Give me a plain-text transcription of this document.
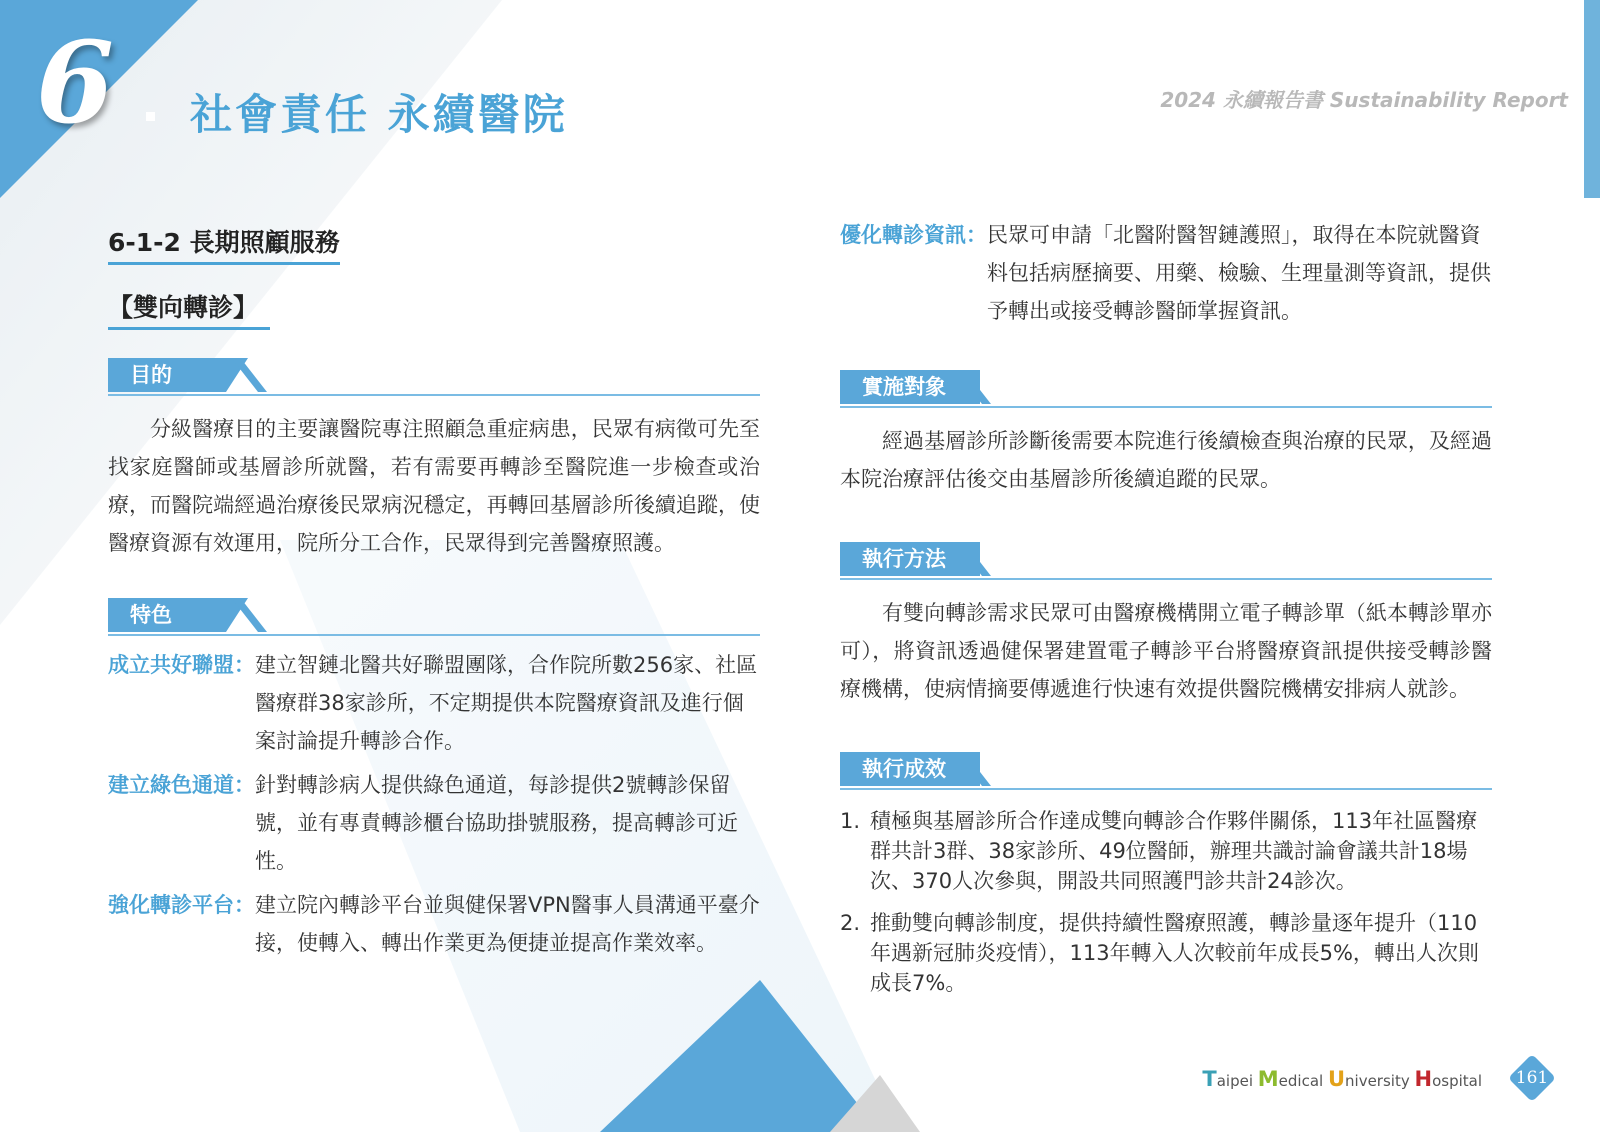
6 社會責任 永續醫院	2024 永續報告書 Sustainability Report
6-1-2 長期照顧服務
【雙向轉診】
目的

分級醫療目的主要讓醫院專注照顧急重症病患，民眾有病徵可先至找家庭醫師或基層診所就醫，若有需要再轉診至醫院進一步檢查或治療，而醫院端經過治療後民眾病況穩定，再轉回基層診所後續追蹤，使醫療資源有效運用，院所分工合作，民眾得到完善醫療照護。

特色
成立共好聯盟： 建立智鏈北醫共好聯盟團隊，合作院所數256家、社區醫療群38家診所，不定期提供本院醫療資訊及進行個案討論提升轉診合作。
建立綠色通道： 針對轉診病人提供綠色通道，每診提供2號轉診保留號，並有專責轉診櫃台協助掛號服務，提高轉診可近性。
強化轉診平台： 建立院內轉診平台並與健保署VPN醫事人員溝通平臺介接，使轉入、轉出作業更為便捷並提高作業效率。
優化轉診資訊： 民眾可申請「北醫附醫智鏈護照」，取得在本院就醫資料包括病歷摘要、用藥、檢驗、生理量測等資訊，提供予轉出或接受轉診醫師掌握資訊。
實施對象

經過基層診所診斷後需要本院進行後續檢查與治療的民眾，及經過本院治療評估後交由基層診所後續追蹤的民眾。

執行方法

有雙向轉診需求民眾可由醫療機構開立電子轉診單（紙本轉診單亦可），將資訊透過健保署建置電子轉診平台將醫療資訊提供接受轉診醫療機構，使病情摘要傳遞進行快速有效提供醫院機構安排病人就診。

執行成效
1. 積極與基層診所合作達成雙向轉診合作夥伴關係，113年社區醫療群共計3群、38家診所、49位醫師，辦理共識討論會議共計18場次、370人次參與，開設共同照護門診共計24診次。
2. 推動雙向轉診制度，提供持續性醫療照護，轉診量逐年提升（110年遇新冠肺炎疫情），113年轉入人次較前年成長5%，轉出人次則成長7%。
Taipei Medical University Hospital	161
